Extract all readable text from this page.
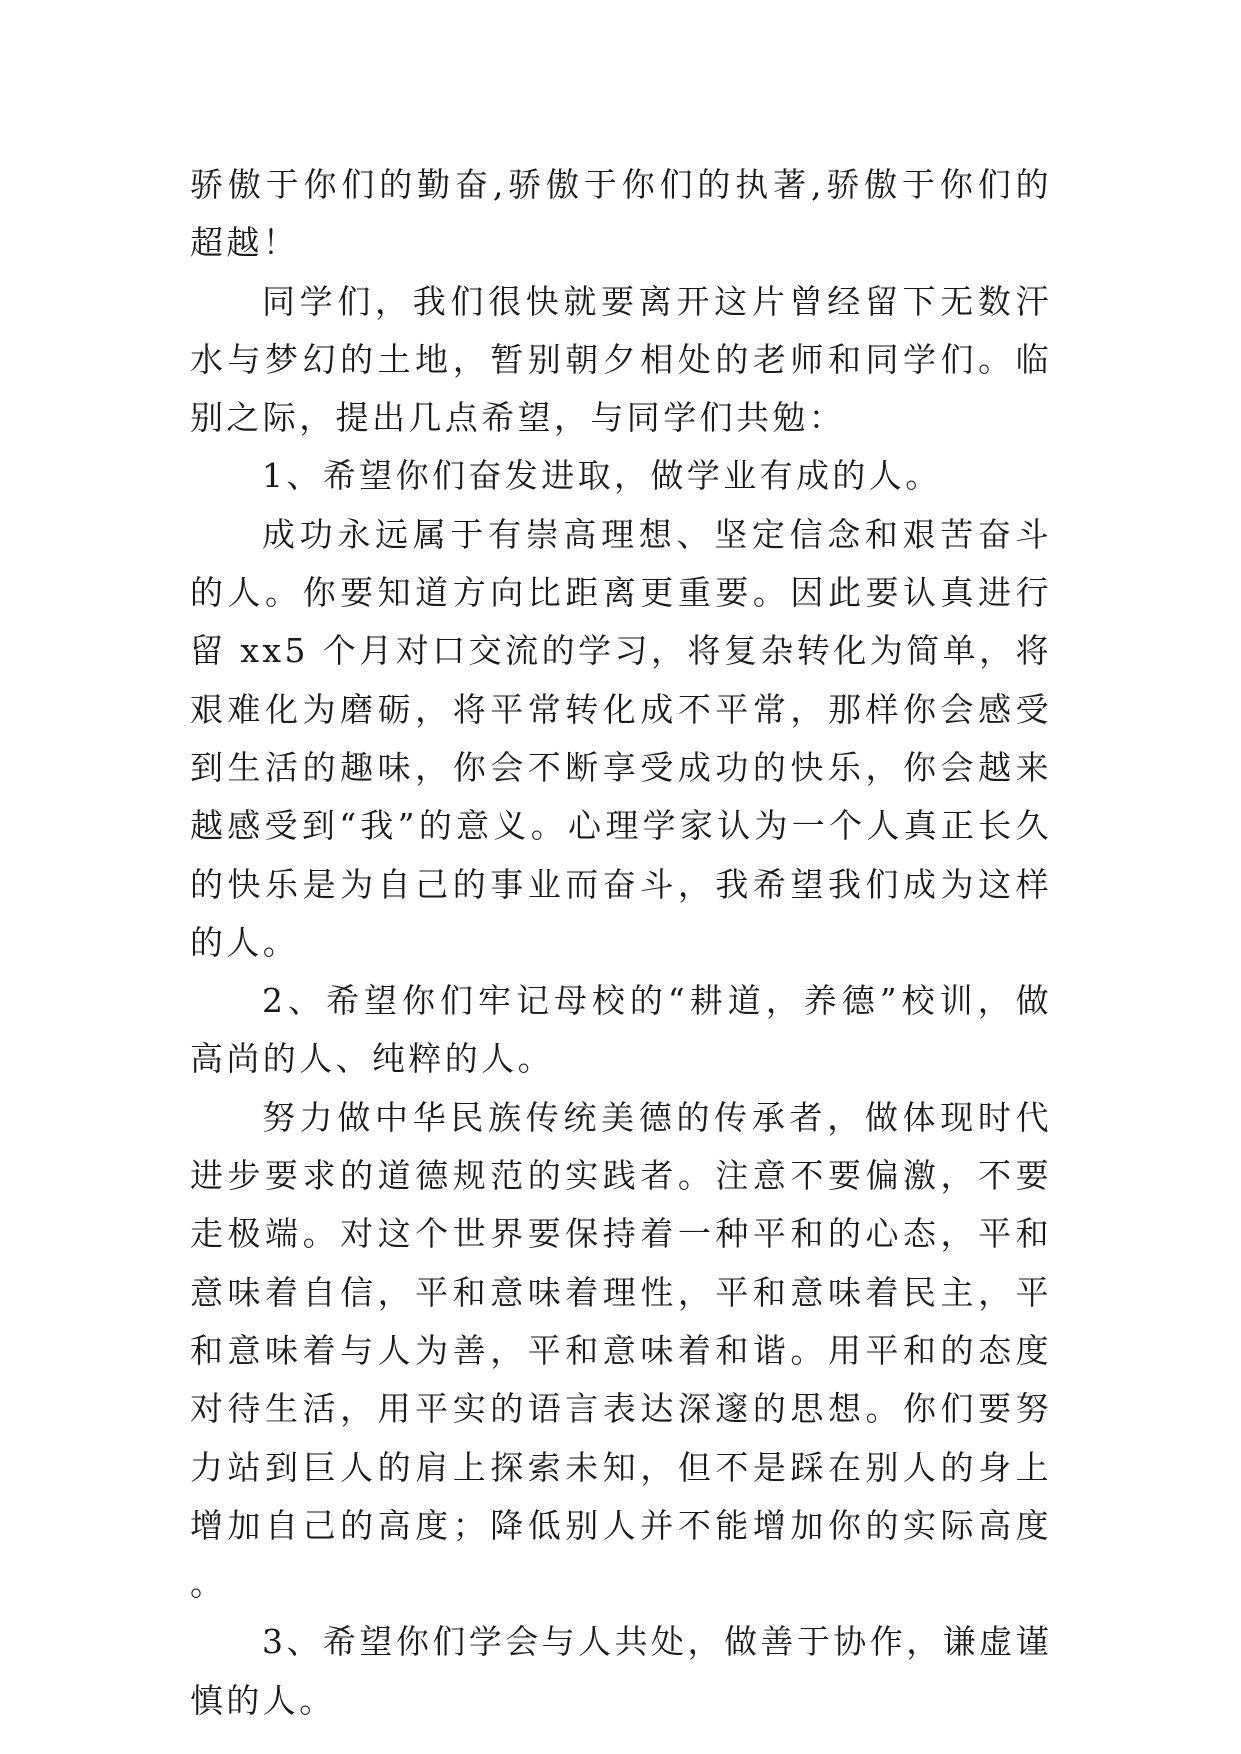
骄傲于你们的勤奋,骄傲于你们的执著,骄傲于你们的超越！

同学们，我们很快就要离开这片曾经留下无数汗水与梦幻的土地，暂别朝夕相处的老师和同学们。临别之际，提出几点希望，与同学们共勉：

1、希望你们奋发进取，做学业有成的人。

成功永远属于有崇高理想、坚定信念和艰苦奋斗的人。你要知道方向比距离更重要。因此要认真进行留 xx5 个月对口交流的学习，将复杂转化为简单，将艰难化为磨砺，将平常转化成不平常，那样你会感受到生活的趣味，你会不断享受成功的快乐，你会越来越感受到“我”的意义。心理学家认为一个人真正长久的快乐是为自己的事业而奋斗，我希望我们成为这样的人。

2、希望你们牢记母校的“耕道，养德”校训，做高尚的人、纯粹的人。

努力做中华民族传统美德的传承者，做体现时代进步要求的道德规范的实践者。注意不要偏激，不要走极端。对这个世界要保持着一种平和的心态，平和意味着自信，平和意味着理性，平和意味着民主，平和意味着与人为善，平和意味着和谐。用平和的态度对待生活，用平实的语言表达深邃的思想。你们要努力站到巨人的肩上探索未知，但不是踩在别人的身上增加自己的高度；降低别人并不能增加你的实际高度。

3、希望你们学会与人共处，做善于协作，谦虚谨慎的人。
